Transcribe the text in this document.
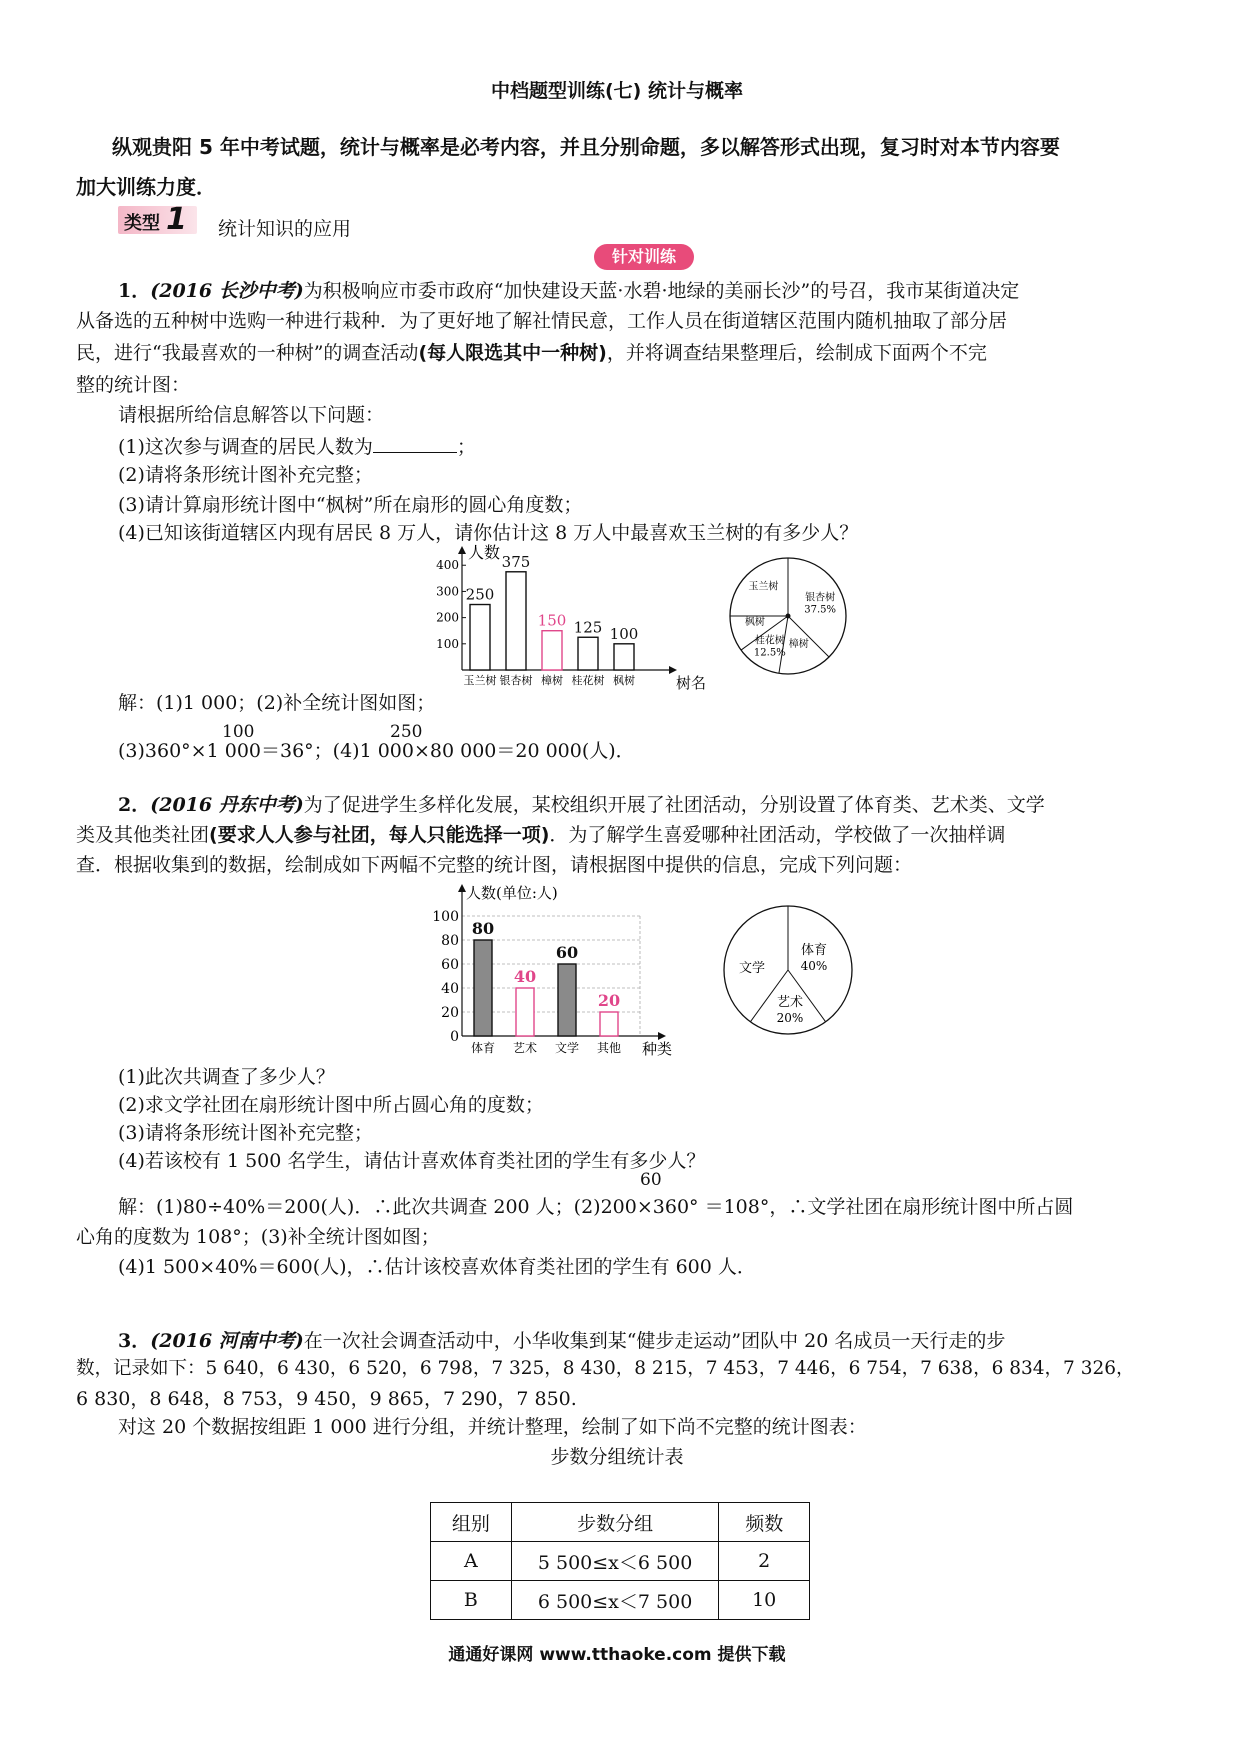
中档题型训练(七) 统计与概率
纵观贵阳 5 年中考试题，统计与概率是必考内容，并且分别命题，多以解答形式出现，复习时对本节内容要
加大训练力度．
类型 1	统计知识的应用
针对训练
1．(2016 长沙中考)为积极响应市委市政府“加快建设天蓝·水碧·地绿的美丽长沙”的号召，我市某街道决定
从备选的五种树中选购一种进行栽种．为了更好地了解社情民意，工作人员在街道辖区范围内随机抽取了部分居
民，进行“我最喜欢的一种树”的调查活动(每人限选其中一种树)，并将调查结果整理后，绘制成下面两个不完
整的统计图：
请根据所给信息解答以下问题：
(1)这次参与调查的居民人数为	；
(2)请将条形统计图补充完整；
(3)请计算扇形统计图中“枫树”所在扇形的圆心角度数；
(4)已知该街道辖区内现有居民 8 万人，请你估计这 8 万人中最喜欢玉兰树的有多少人？
人数
树名
100
200
300
400
250
玉兰树
375
银杏树
150
樟树
125
桂花树
100
枫树
银杏树
37.5%
樟树
桂花树
12.5%
枫树
玉兰树
解：(1)1 000；(2)补全统计图如图；
100	250
(3)360°×1 000＝36°；(4)1 000×80 000＝20 000(人)．
2．(2016 丹东中考)为了促进学生多样化发展，某校组织开展了社团活动，分别设置了体育类、艺术类、文学
类及其他类社团(要求人人参与社团，每人只能选择一项)．为了解学生喜爱哪种社团活动，学校做了一次抽样调
查．根据收集到的数据，绘制成如下两幅不完整的统计图，请根据图中提供的信息，完成下列问题：
人数(单位:人)
种类
0
20
40
60
80
100
80
体育
40
艺术
60
文学
20
其他
体育
40%
艺术
20%
文学
(1)此次共调查了多少人？
(2)求文学社团在扇形统计图中所占圆心角的度数；
(3)请将条形统计图补充完整；
(4)若该校有 1 500 名学生，请估计喜欢体育类社团的学生有多少人？
60
解：(1)80÷40%＝200(人)．∴此次共调查 200 人；(2)200×360° ＝108°，∴文学社团在扇形统计图中所占圆
心角的度数为 108°；(3)补全统计图如图；
(4)1 500×40%＝600(人)，∴估计该校喜欢体育类社团的学生有 600 人．
3．(2016 河南中考)在一次社会调查活动中，小华收集到某“健步走运动”团队中 20 名成员一天行走的步
数，记录如下：5 640，6 430，6 520，6 798，7 325，8 430，8 215，7 453，7 446，6 754，7 638，6 834，7 326，
6 830，8 648，8 753，9 450，9 865，7 290，7 850.
对这 20 个数据按组距 1 000 进行分组，并统计整理，绘制了如下尚不完整的统计图表：
步数分组统计表
组别	步数分组	频数
A	5 500≤x＜6 500	2
B	6 500≤x＜7 500	10
通通好课网 www.tthaoke.com 提供下载
